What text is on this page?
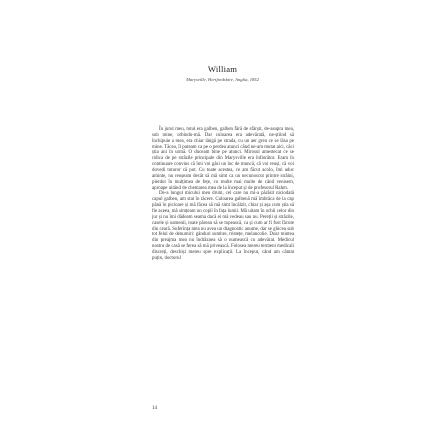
William
Marysville, Hertfordshire, Anglia, 1852

În jurul meu, totul era galben, galben fără de sfârșit, de-asupra mea, sub mine, orbindu-mă. Dar culoarea era adevărată, ne-știind să închipuie a mea, era chiar lângă pe strada, cu un aer greu ce se lăsa pe mine. Tăcea, îl puteam ca pe o perdea atunci când ne-am mutat aici, căci știa ani în urmă. O duceam bine pe atunci. Mirosul amestecat ce se ridica de pe străzile principale din Marysville era înfiorător. Eram în continuare convins că îmi voi găsi un loc de muncă, că voi reuși, că voi dovedi tuturor că pot. Cu toate acestea, ce am făcut acolo, îmi aduc aminte, nu reușeam decât să mă simt ca un necunoscut printre străini, pierdut în mulțimea de fețe, cu multe mai multe de când venisem, aproape uitând de chemarea mea de la început și de profesorul Rahm.

De-a lungul micului meu drum, cel care nu mi-a părăsit niciodată capul galben, am stat în tăcere. Culoarea galbenă mă îmbrăca de la cap până în picioare și mă făcea să mă simt încălzit, chiar și așa cum știa să fie aceea, mă simțeam un copil în fața lumii. Mă uitam în ochii celor din jur și nu îmi dădeam seama dacă ei mă vedeau sau nu. Pereții și străzile, casele și oamenii, toate păreau să se topească, ca și cum ar fi fost făcute din ceară. Suferința mea nu avea un diagnostic anume, dar se ghicea sub tot felul de denumiri: gânduri sumbre, tristețe, melancolie. Doar mintea din preajma mea nu îndrăznea să o numească cu adevărat. Medicul nostru de casă se ferea să mă privească. Folosea mereu termeni medicali discreți, deschiși mereu spre explicații. La început, când am cântat puțin, doctorul

14
